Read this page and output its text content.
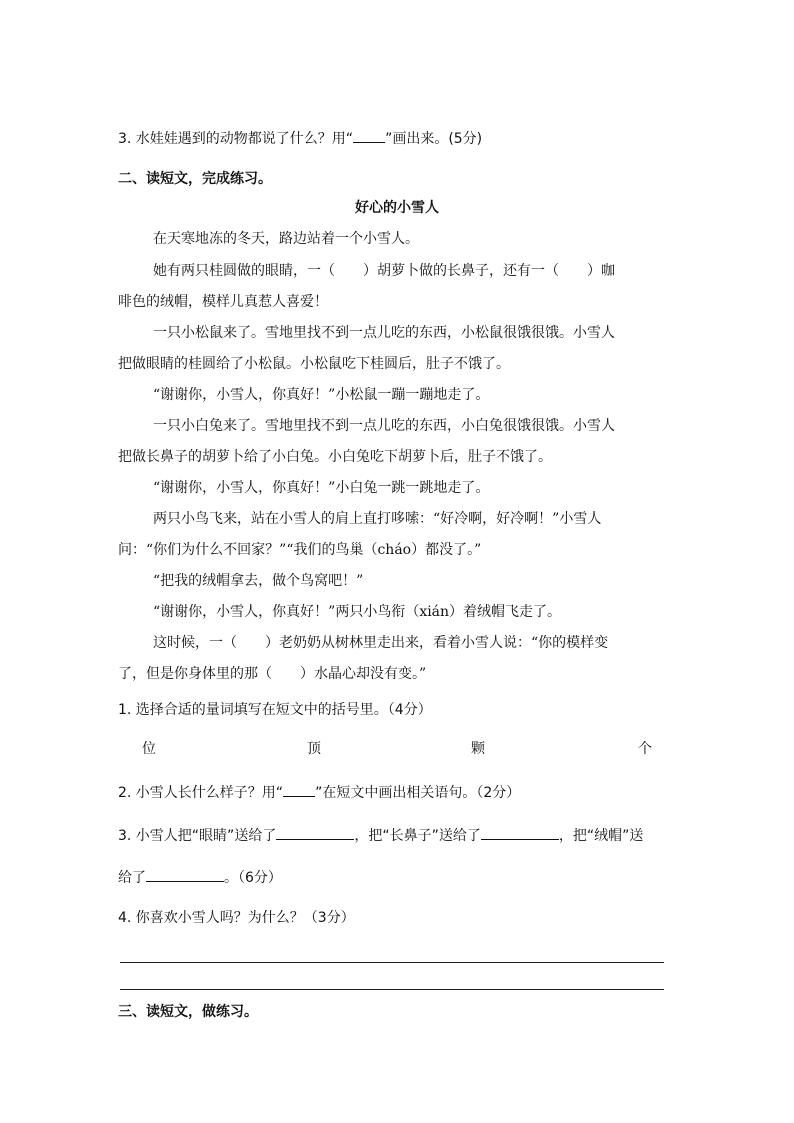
3. 水娃娃遇到的动物都说了什么？用“ ”画出来。(5分)
二、读短文，完成练习。
好心的小雪人
在天寒地冻的冬天，路边站着一个小雪人。
她有两只桂圆做的眼睛，一（　　）胡萝卜做的长鼻子，还有一（　　）咖
啡色的绒帽，模样儿真惹人喜爱！
一只小松鼠来了。雪地里找不到一点儿吃的东西，小松鼠很饿很饿。小雪人
把做眼睛的桂圆给了小松鼠。小松鼠吃下桂圆后，肚子不饿了。
“谢谢你，小雪人，你真好！”小松鼠一蹦一蹦地走了。
一只小白兔来了。雪地里找不到一点儿吃的东西，小白兔很饿很饿。小雪人
把做长鼻子的胡萝卜给了小白兔。小白兔吃下胡萝卜后，肚子不饿了。
“谢谢你，小雪人，你真好！”小白兔一跳一跳地走了。
两只小鸟飞来，站在小雪人的肩上直打哆嗦：“好冷啊，好冷啊！”小雪人
问：“你们为什么不回家？”“我们的鸟巢（cháo）都没了。”
“把我的绒帽拿去，做个鸟窝吧！”
“谢谢你，小雪人，你真好！”两只小鸟衔（xián）着绒帽飞走了。
这时候，一（　　）老奶奶从树林里走出来，看着小雪人说：“你的模样变
了，但是你身体里的那（　　）水晶心却没有变。”
1. 选择合适的量词填写在短文中的括号里。（4分）
位	顶	颗	个
2. 小雪人长什么样子？用“ ”在短文中画出相关语句。（2分）
3. 小雪人把“眼睛”送给了	，把“长鼻子”送给了	，把“绒帽”送
给了	。（6分）
4. 你喜欢小雪人吗？为什么？（3分）
三、读短文，做练习。
